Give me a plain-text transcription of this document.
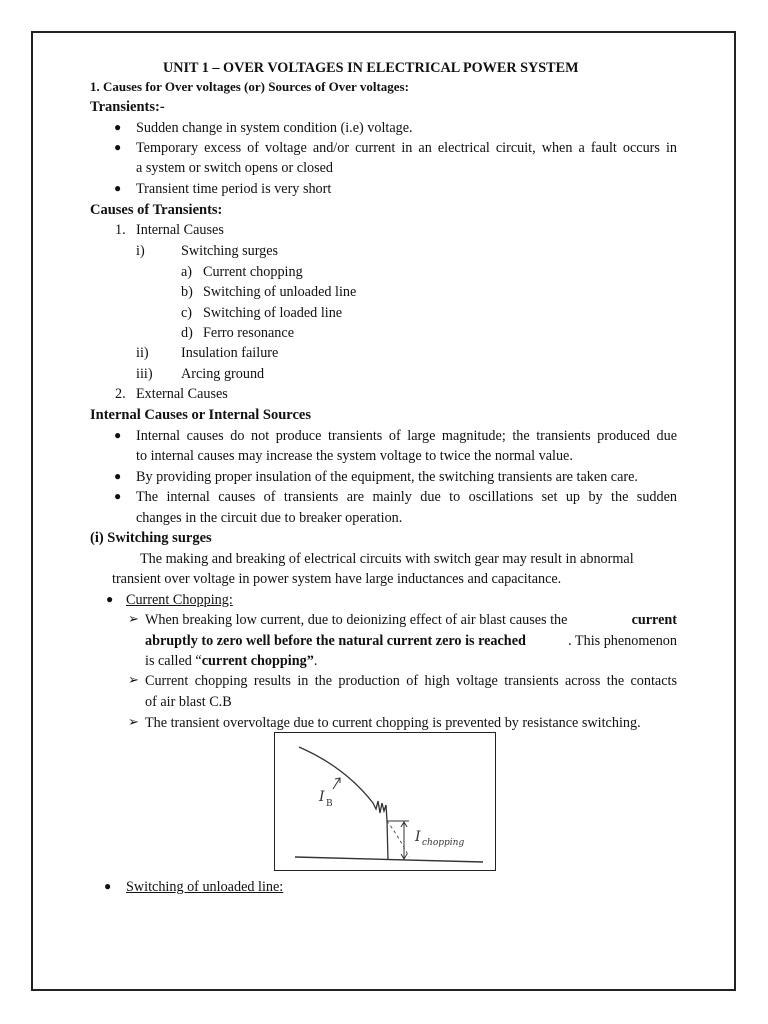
UNIT 1 – OVER VOLTAGES IN ELECTRICAL POWER SYSTEM
1. Causes for Over voltages (or) Sources of Over voltages:
Transients:-
● Sudden change in system condition (i.e) voltage.
● Temporary excess of voltage and/or current in an electrical circuit, when a fault occurs in
a system or switch opens or closed
● Transient time period is very short
Causes of Transients:
1. Internal Causes
i)	Switching surges
a) Current chopping
b) Switching of unloaded line
c) Switching of loaded line
d) Ferro resonance
ii) Insulation failure
iii) Arcing ground
2. External Causes
Internal Causes or Internal Sources
● Internal causes do not produce transients of large magnitude; the transients produced due
to internal causes may increase the system voltage to twice the normal value.
● By providing proper insulation of the equipment, the switching transients are taken care.
● The internal causes of transients are mainly due to oscillations set up by the sudden
changes in the circuit due to breaker operation.
(i) Switching surges
The making and breaking of electrical circuits with switch gear may result in abnormal
transient over voltage in power system have large inductances and capacitance.
● Current Chopping:
➢ When breaking low current, due to deionizing effect of air blast causes the	current
abruptly to zero well before the natural current zero is reached	. This phenomenon
is called “current chopping”.
➢ Current chopping results in the production of high voltage transients across the contacts
of air blast C.B
➢ The transient overvoltage due to current chopping is prevented by resistance switching.
I B
I chopping
● Switching of unloaded line:
